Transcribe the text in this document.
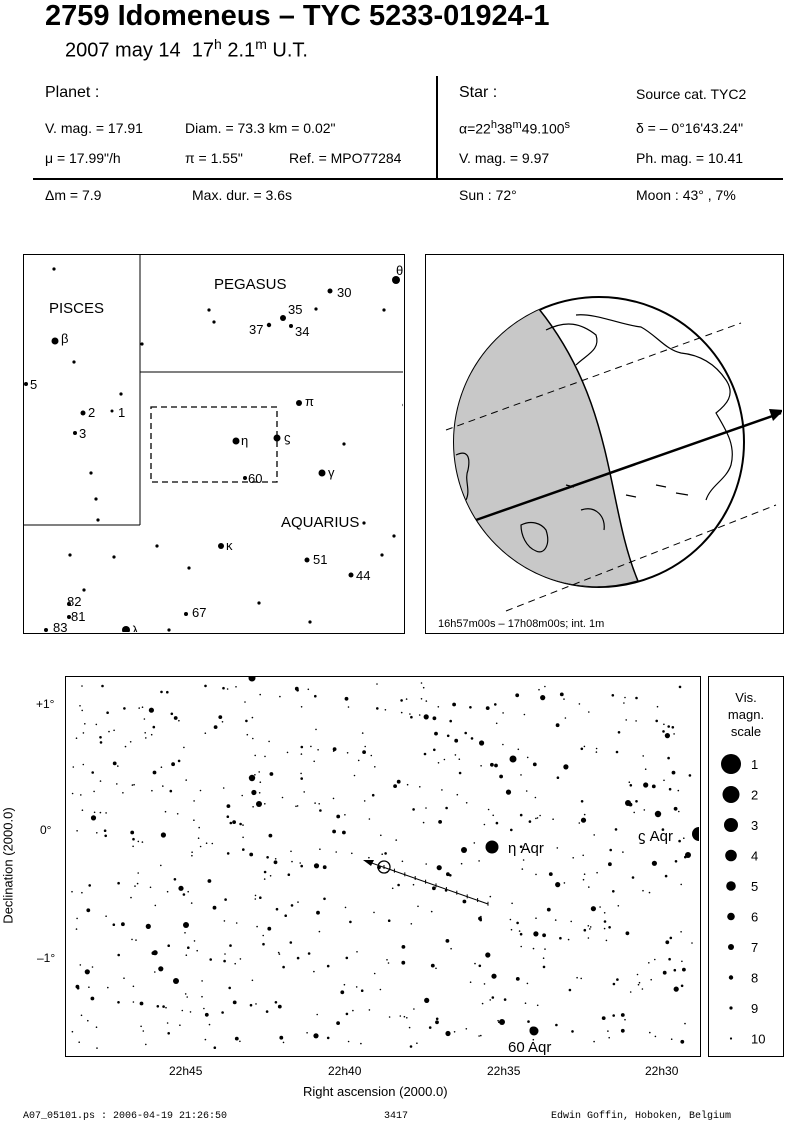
2759 Idomeneus – TYC 5233-01924-1
2007 may 14 17$^h$ 2.1$^m$ U.T.
Planet :
V. mag. = 17.91	Diam. = 73.3 km = 0.02"
μ = 17.99"/h	π = 1.55"	Ref. = MPO77284
Δm = 7.9	Max. dur. = 3.6s
Star :	Source cat. TYC2
$\alpha=22^h38^m49.100^s$	δ = – 0°16'43.24"
V. mag. = 9.97	Ph. mag. = 10.41
Sun : 72°	Moon : 43° , 7%
PISCES
PEGASUS
AQUARIUS
θ
30
35
37 34
β
5
2 1
3
π
η	ϛ
60	γ
κ
51
44
82
81
83	λ
67
16h57m00s – 17h08m00s; int. 1m
η Aqr
ϛ Aqr
60 Aqr
+1°
0°
–1°
22h45	22h40	22h35	22h30
Right ascension (2000.0)
Declination (2000.0)
Vis.
magn.
scale
1
2
3
4
5
6
7
8
9
10
A07_05101.ps : 2006-04-19 21:26:50	3417	Edwin Goffin, Hoboken, Belgium
